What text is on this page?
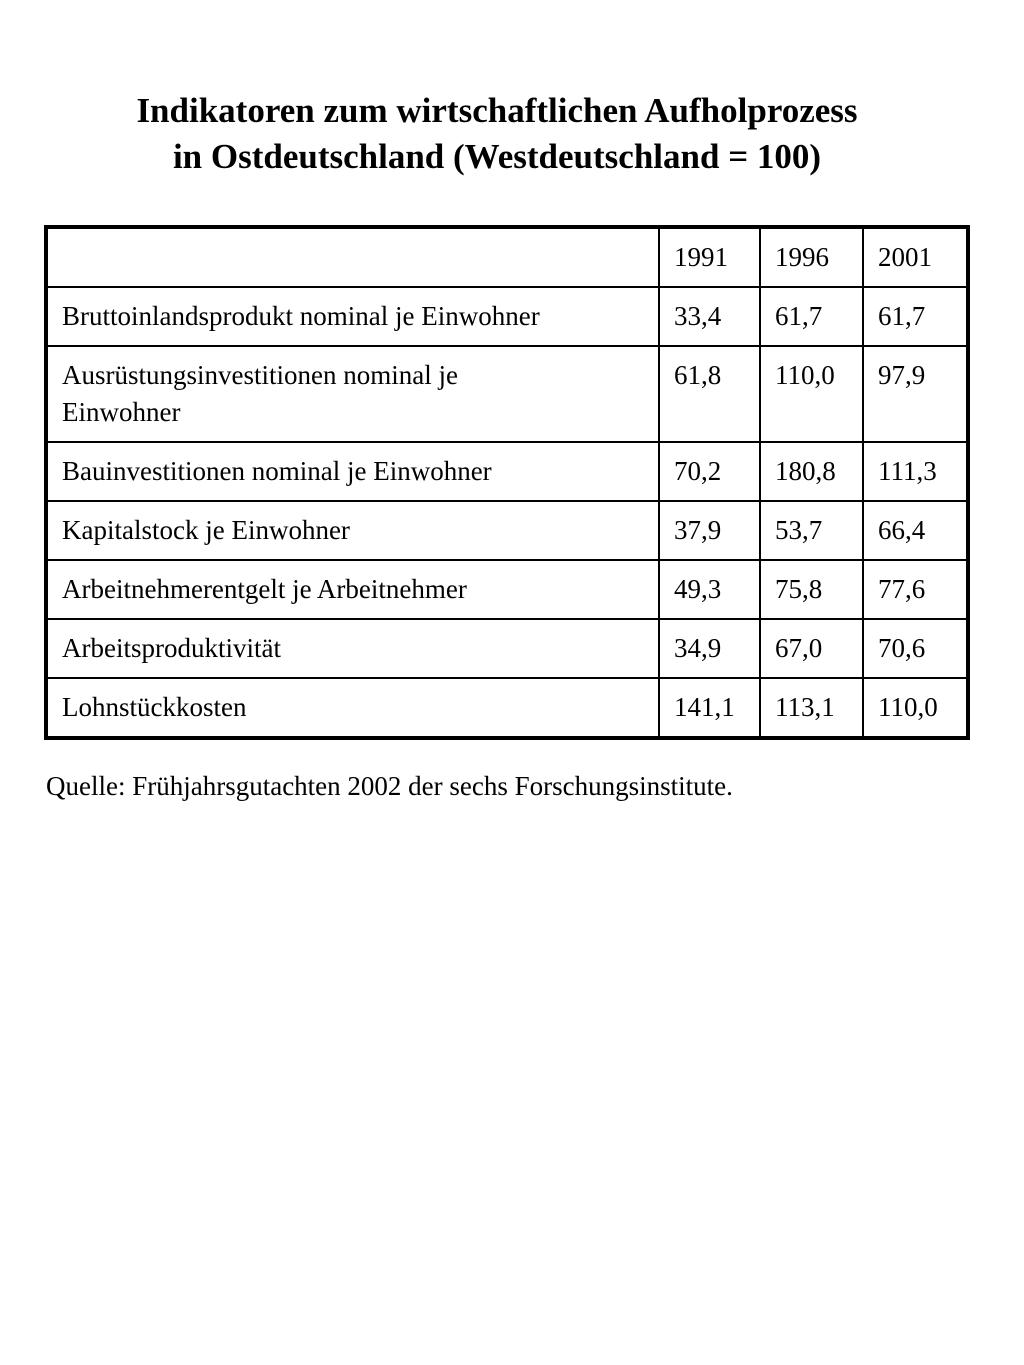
Indikatoren zum wirtschaftlichen Aufholprozess
in Ostdeutschland (Westdeutschland = 100)
	1991	1996	2001
Bruttoinlandsprodukt nominal je Einwohner	33,4	61,7	61,7
Ausrüstungsinvestitionen nominal je Einwohner	61,8	110,0	97,9
Bauinvestitionen nominal je Einwohner	70,2	180,8	111,3
Kapitalstock je Einwohner	37,9	53,7	66,4
Arbeitnehmerentgelt je Arbeitnehmer	49,3	75,8	77,6
Arbeitsproduktivität	34,9	67,0	70,6
Lohnstückkosten	141,1	113,1	110,0
Quelle: Frühjahrsgutachten 2002 der sechs Forschungsinstitute.
